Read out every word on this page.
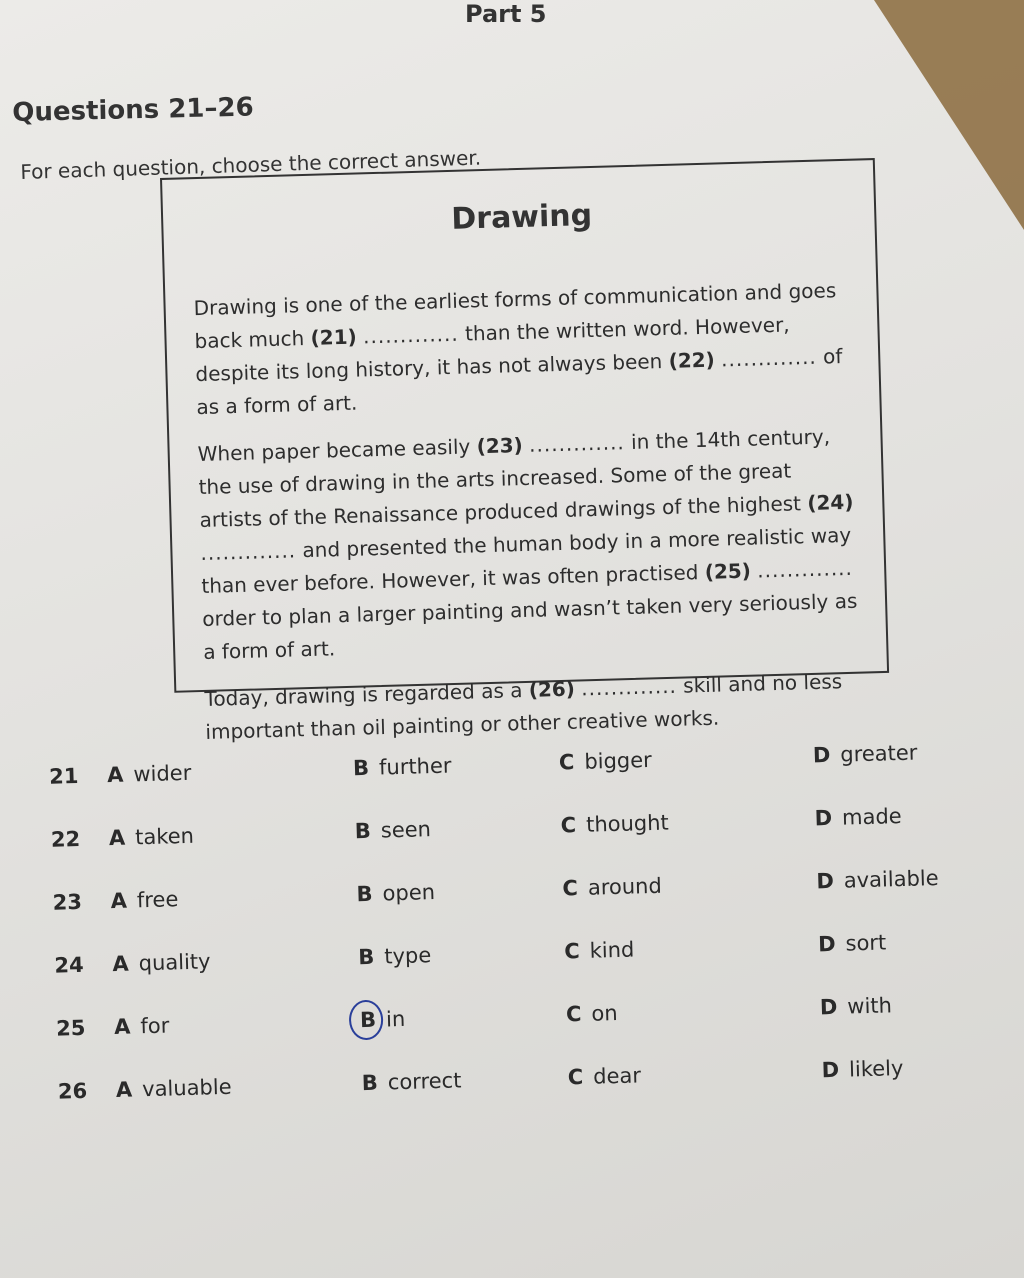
Part 5
Questions 21–26
For each question, choose the correct answer.
Drawing

Drawing is one of the earliest forms of communication and goes back much (21) ............. than the written word. However, despite its long history, it has not always been (22) ............. of as a form of art.

When paper became easily (23) ............. in the 14th century, the use of drawing in the arts increased. Some of the great artists of the Renaissance produced drawings of the highest (24) ............. and presented the human body in a more realistic way than ever before. However, it was often practised (25) ............. order to plan a larger painting and wasn’t taken very seriously as a form of art.

Today, drawing is regarded as a (26) ............. skill and no less important than oil painting or other creative works.

21 A wider	B further	C bigger	D greater
22 A taken	B seen	C thought	D made
23 A free	B open	C around	D available
24 A quality	B type	C kind	D sort
25 A for	B in	C on	D with
26 A valuable	B correct	C dear	D likely
